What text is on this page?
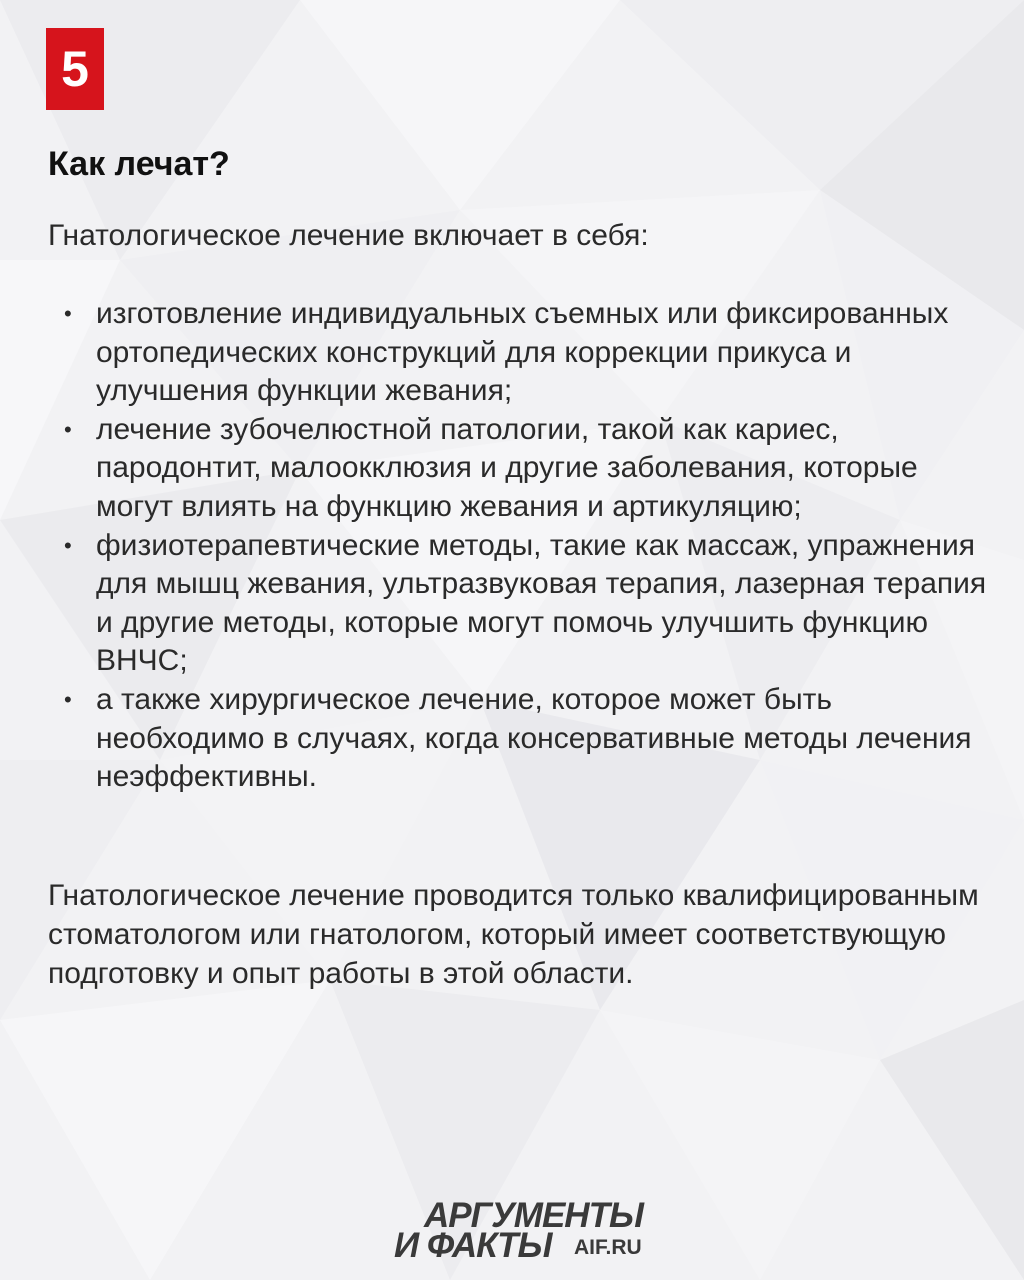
5
Как лечат?

Гнатологическое лечение включает в себя:

• изготовление индивидуальных съемных или фиксированных ортопедических конструкций для коррекции прикуса и улучшения функции жевания;
• лечение зубочелюстной патологии, такой как кариес, пародонтит, малоокклюзия и другие заболевания, которые могут влиять на функцию жевания и артикуляцию;
• физиотерапевтические методы, такие как массаж, упражнения для мышц жевания, ультразвуковая терапия, лазерная терапия и другие методы, которые могут помочь улучшить функцию ВНЧС;
• а также хирургическое лечение, которое может быть необходимо в случаях, когда консервативные методы лечения неэффективны.

Гнатологическое лечение проводится только квалифицированным стоматологом или гнатологом, который имеет соответствующую подготовку и опыт работы в этой области.

АРГУМЕНТЫ
И ФАКТЫ AIF.RU
